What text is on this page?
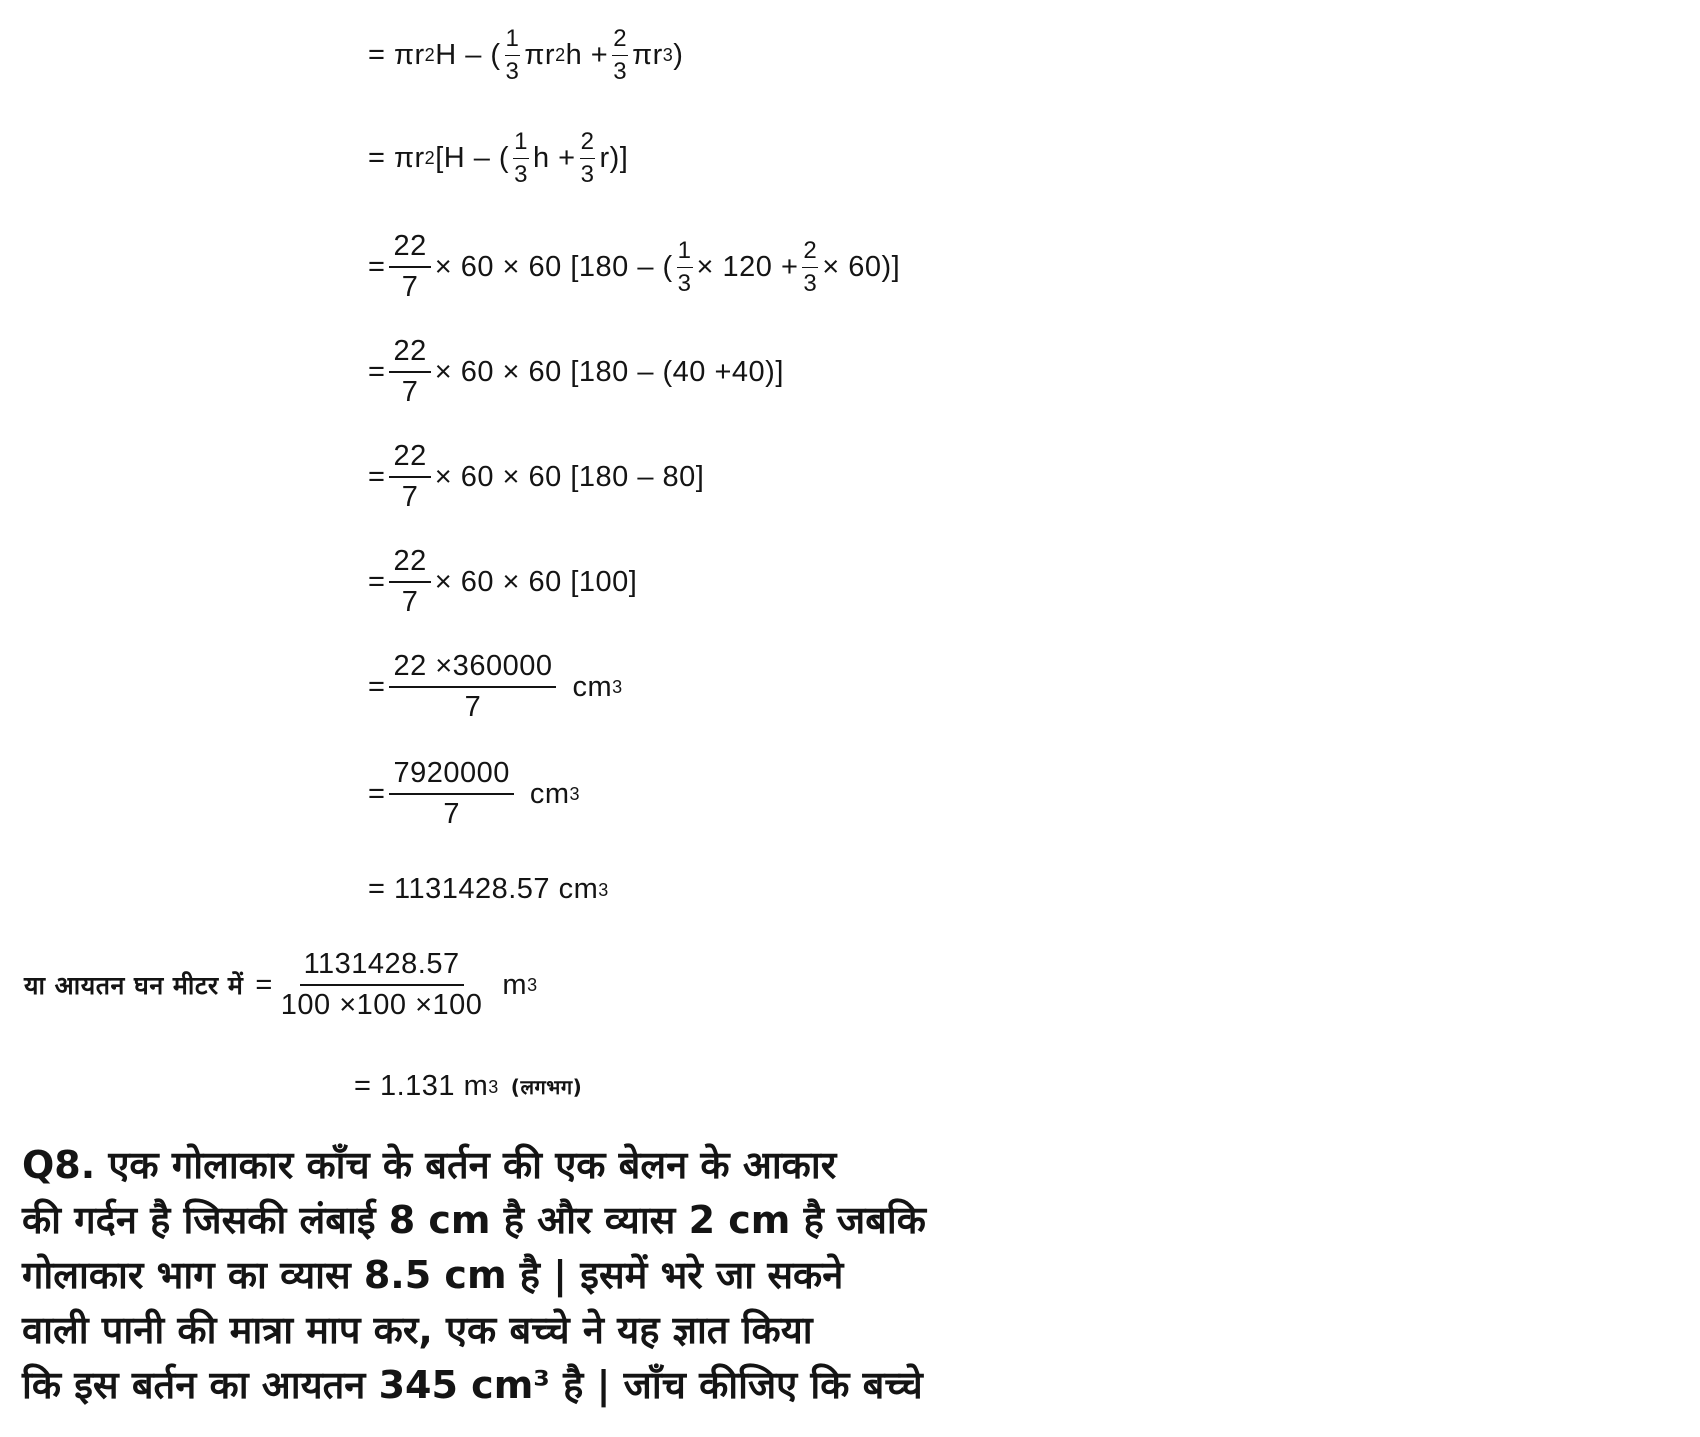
= πr 2 H – ( $\frac{1}{3}$ πr 2 $h + \frac{2}{3}$ πr 3 )
= πr 2 [H – ( $\frac{1}{3}$ $h + \frac{2}{3} r$)]
= $\frac{22}{7} \times 60 \times 60$ [180 – ( $\frac{1}{3} \times 120 + \frac{2}{3} \times 60$)]
= $\frac{22}{7} \times 60 \times 60$ [180 – (40 +40)]
= $\frac{22}{7} \times 60 \times 60$ [180 – 80]
= $\frac{22}{7} \times 60 \times 60$ [100]
= $\frac{22 \times 360000}{7}$ cm 3
= $\frac{7920000}{7}$ cm 3
= 1131428.57 cm 3
या आयतन घन मीटर में = $\frac{1131428.57}{100 \times 100 \times 100}$ m 3
= 1.131 m 3 (लगभग)

Q8. एक गोलाकार काँच के बर्तन की एक बेलन के आकार

की गर्दन है जिसकी लंबाई 8 cm है और व्यास 2 cm है जबकि

गोलाकार भाग का व्यास 8.5 cm है | इसमें भरे जा सकने

वाली पानी की मात्रा माप कर, एक बच्चे ने यह ज्ञात किया

कि इस बर्तन का आयतन 345 cm³ है | जाँच कीजिए कि बच्चे
